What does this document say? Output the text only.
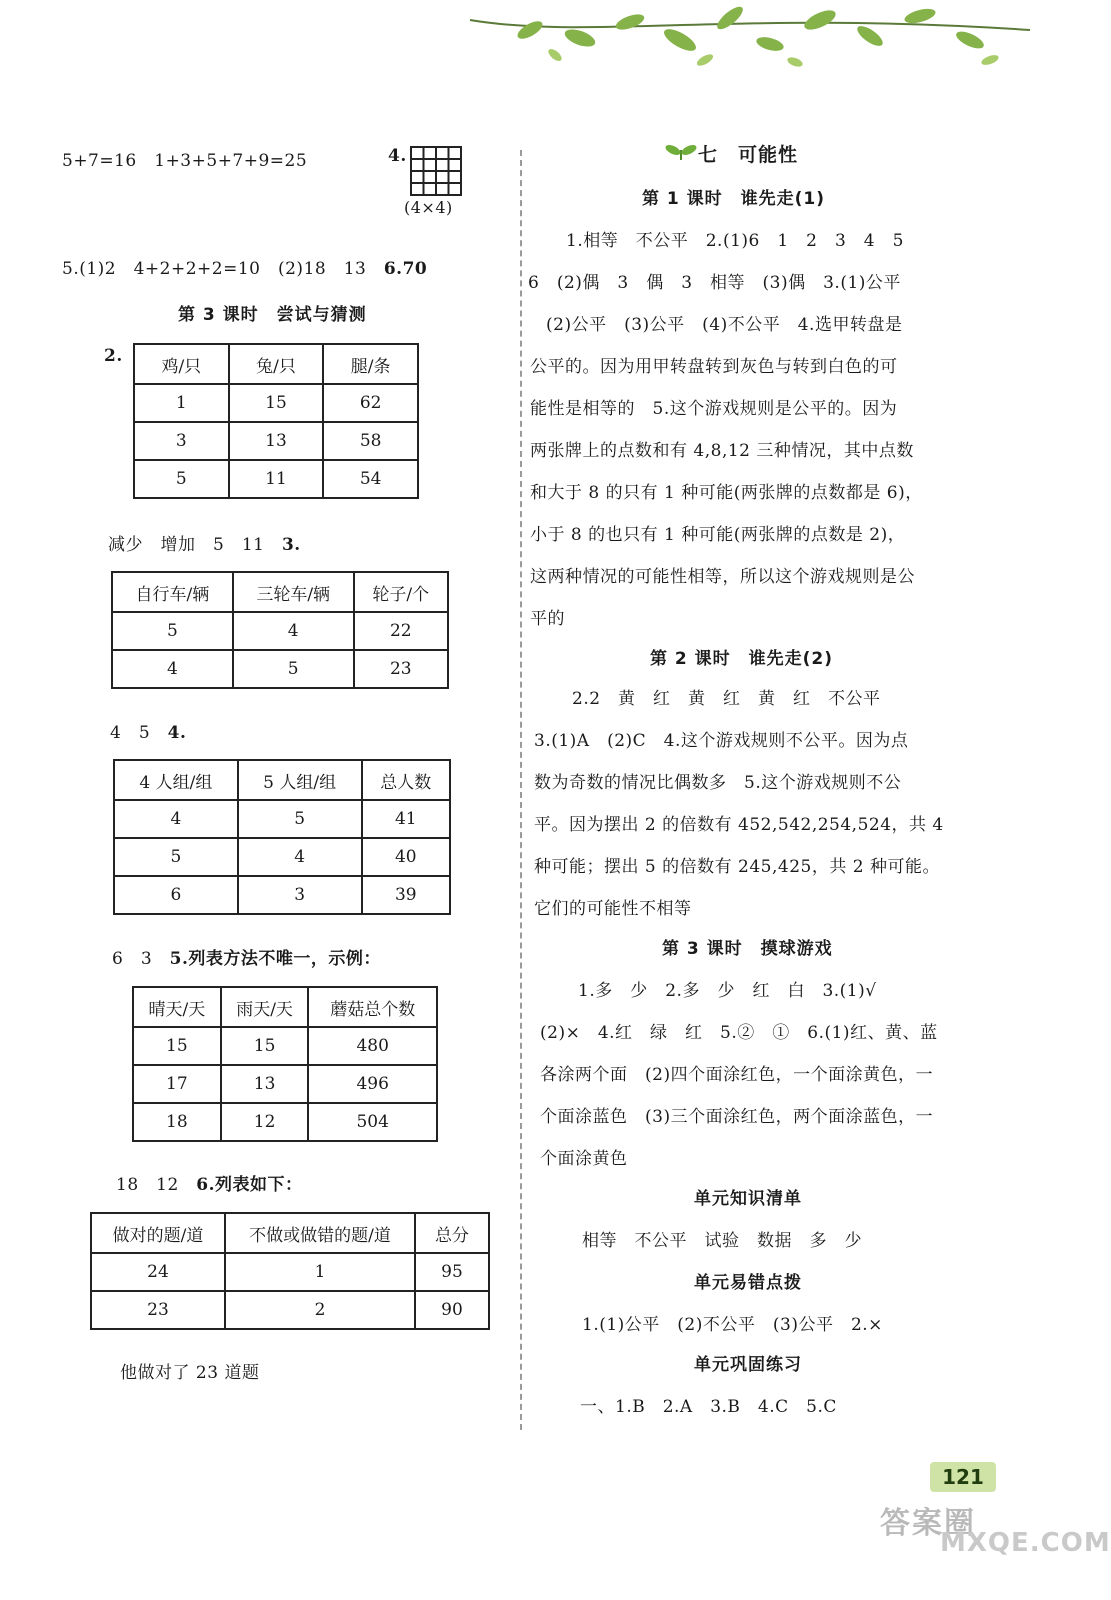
5+7=16　1+3+5+7+9=25	4.
(4×4)
5.(1)2　4+2+2+2=10　(2)18　13　6.70
第 3 课时　尝试与猜测
2.
鸡/只	兔/只	腿/条
1	15	62
3	13	58
5	11	54
减少　增加　5　11　3.
自行车/辆	三轮车/辆	轮子/个
5	4	22
4	5	23
4　5　4.
4 人组/组	5 人组/组	总人数
4	5	41
5	4	40
6	3	39
6　3　5.列表方法不唯一，示例：
晴天/天	雨天/天	蘑菇总个数
15	15	480
17	13	496
18	12	504
18　12　6.列表如下：
做对的题/道	不做或做错的题/道	总分
24	1	95
23	2	90
他做对了 23 道题
七　可能性
第 1 课时　谁先走(1)
1.相等　不公平　2.(1)6　1　2　3　4　5
6　(2)偶　3　偶　3　相等　(3)偶　3.(1)公平
(2)公平　(3)公平　(4)不公平　4.选甲转盘是
公平的。因为用甲转盘转到灰色与转到白色的可
能性是相等的　5.这个游戏规则是公平的。因为
两张牌上的点数和有 4,8,12 三种情况，其中点数
和大于 8 的只有 1 种可能(两张牌的点数都是 6)，
小于 8 的也只有 1 种可能(两张牌的点数是 2)，
这两种情况的可能性相等，所以这个游戏规则是公
平的
第 2 课时　谁先走(2)
2.2　黄　红　黄　红　黄　红　不公平
3.(1)A　(2)C　4.这个游戏规则不公平。因为点
数为奇数的情况比偶数多　5.这个游戏规则不公
平。因为摆出 2 的倍数有 452,542,254,524，共 4
种可能；摆出 5 的倍数有 245,425，共 2 种可能。
它们的可能性不相等
第 3 课时　摸球游戏
1.多　少　2.多　少　红　白　3.(1)√
(2)×　4.红　绿　红　5.②　①　6.(1)红、黄、蓝
各涂两个面　(2)四个面涂红色，一个面涂黄色，一
个面涂蓝色　(3)三个面涂红色，两个面涂蓝色，一
个面涂黄色
单元知识清单
相等　不公平　试验　数据　多　少
单元易错点拨
1.(1)公平　(2)不公平　(3)公平　2.×
单元巩固练习
一、1.B　2.A　3.B　4.C　5.C
121
答案圈
MXQE.COM
